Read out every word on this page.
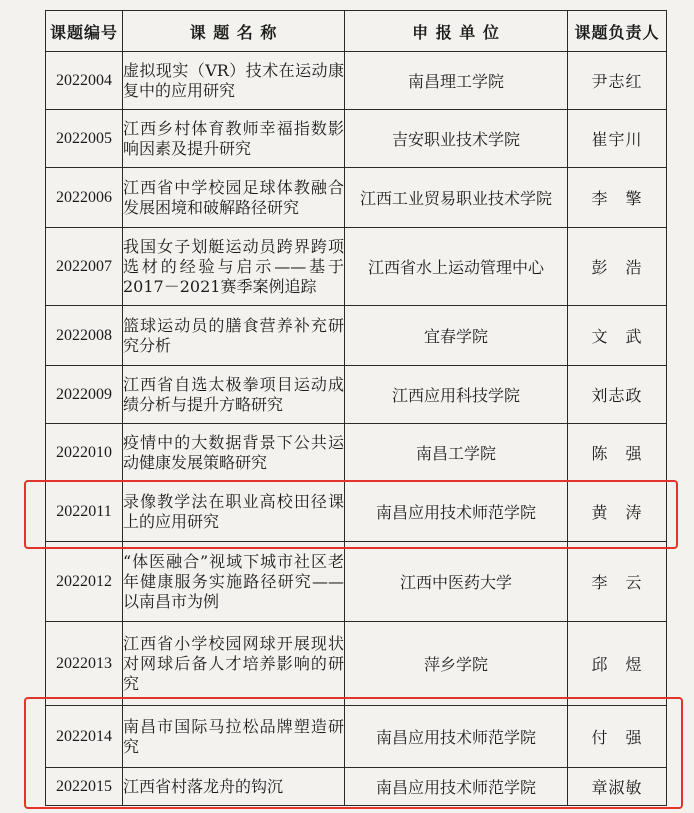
课题编号	课 题 名 称	申 报 单 位	课题负责人
2022004	虚拟现实（VR）技术在运动康复中的应用研究	南昌理工学院	尹志红
2022005	江西乡村体育教师幸福指数影响因素及提升研究	吉安职业技术学院	崔宇川
2022006	江西省中学校园足球体教融合发展困境和破解路径研究	江西工业贸易职业技术学院	李　擎
2022007	我国女子划艇运动员跨界跨项选材的经验与启示——基于2017－2021赛季案例追踪	江西省水上运动管理中心	彭　浩
2022008	篮球运动员的膳食营养补充研究分析	宜春学院	文　武
2022009	江西省自选太极拳项目运动成绩分析与提升方略研究	江西应用科技学院	刘志政
2022010	疫情中的大数据背景下公共运动健康发展策略研究	南昌工学院	陈　强
2022011	录像教学法在职业高校田径课上的应用研究	南昌应用技术师范学院	黄　涛
2022012	“体医融合”视域下城市社区老年健康服务实施路径研究——以南昌市为例	江西中医药大学	李　云
2022013	江西省小学校园网球开展现状对网球后备人才培养影响的研究	萍乡学院	邱　煜
2022014	南昌市国际马拉松品牌塑造研究	南昌应用技术师范学院	付　强
2022015	江西省村落龙舟的钩沉	南昌应用技术师范学院	章淑敏
